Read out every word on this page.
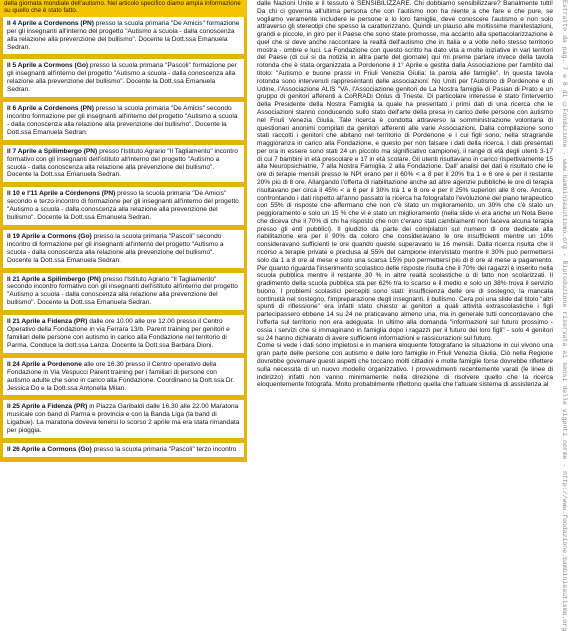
della giornata mondiale dell'autismo. Nel articolo specifico diamo ampia informazione su quello che è stato fatto.
Il 4 Aprile a Cordenons (PN) presso la scuola primaria "De Amicis" formazione per gli insegnanti all'interno del progetto "Autismo a scuola - dalla conoscenza alla relazione alla prevenzione del bullismo". Docente la Dott.ssa Emanuela Sedran.
Il 5 Aprile a Cormons (Go) presso la scuola primaria "Pascoli" formazione per gli insegnanti all'interno del progetto "Autismo a scuola - dalla conoscenza alla relazione alla prevenzione del bullismo". Docente la Dott.ssa Emanuela Sedran.
Il 6 Aprile a Cordenons (PN) presso la scuola primaria "De Amicis" secondo incontro formazione per gli insegnanti all'interno del progetto "Autismo a scuola - dalla conoscenza alla relazione alla prevenzione del bullismo". Docente la Dott.ssa Emanuela Sedran.
Il 7 Aprile a Spilimbergo (PN) presso l'Istituto Agrario "Il Tagliamento" incontro formativo con gli insegnanti dell'istituto all'interno del progetto "Autismo a scuola - dalla conoscenza alla relazione alla prevenzione del bullismo". Docente la Dott.ssa Emanuela Sedran.
Il 10 e l'11 Aprile a Cordenons (PN) presso la scuola primaria "De Amicis" secondo e terzo incontro di formazione per gli insegnanti all'interno del progetto "Autismo a scuola - dalla conoscenza alla relazione alla prevenzione del bullismo". Docente la Dott.ssa Emanuela Sedran.
Il 19 Aprile a Cormons (Go) presso la scuola primaria "Pascoli" secondo incontro di formazione per gli insegnanti all'interno del progetto "Autismo a scuola - dalla conoscenza alla relazione alla prevenzione del bullismo". Docente la Dott.ssa Emanuela Sedran.
Il 21 Aprile a Spilimbergo (PN) presso l'Istituto Agrario "Il Tagliamento" secondo incontro formativo con gli insegnanti dell'istituto all'interno del progetto "Autismo a scuola - dalla conoscenza alla relazione alla prevenzione del bullismo". Docente la Dott.ssa Emanuela Sedran.
Il 21 Aprile a Fidenza (PR) dalle ore 10.00 alle ore 12.00 presso il Centro Operativo della Fondazione in via Ferrara 13/b. Parent training per genitori e familiari delle persone con autismo in carico alla Fondazione nel territorio di Parma. Conduce la dott.ssa Lanza. Docente la Dott.ssa Barbara Dioni.
Il 24 Aprile a Pordenone alle ore 16.30 presso il Centro operativo della Fondazione in Via Vespucci Parent training per i familiari di persone con autismo adulte che sono in carico alla Fondazione. Coordinano la Dott.ssa Dr. Jessica Do e la Dott.ssa Antonella Milan.
Il 25 Aprile a Fidenza (PR) in Piazza Garibaldi dalle 16.30 alle 22.00 Maratona musicale con band di Parma e provincia e con la Banda Liga (la band di Ligabue). La maratona doveva tenersi lo scorso 2 aprile ma era stata rimandata per pioggia.
Il 26 Aprile a Cormons (Go) presso la scuola primaria "Pascoli" terzo incontro

dalle Nazioni Unite e il tessuto è SENSIBILIZZARE. Chi dobbiamo sensibilizzare? Banalmente tutti! Da chi ci governa all'ultima persona che con l'autismo non ha niente a che fare e che pure, se vogliamo veramente includere le persone e lo loro famiglie, deve conoscere l'autismo e non solo attraverso gli stereotipi che spesso la caratterizzano. Quindi un plauso alle moltissime manifestazioni, grandi e piccole, in giro per il Paese che sono state promosse, ma accanto alla spettacolarizzazione è quel che si deve anche raccontare la realtà dell'autismo che in Italia e a volte nello stesso territorio mostra - ombre e luci. La Fondazione con questo scritto ha dato vita a molte iniziative in vari territori del Paese (di cui si da notizia in altra parte del giornale) qui mi preme parlare invece della tavola rotonda che è stata organizzata a Pordenone il 1° Aprile e gestita dalla Associazione per l'ambito dal titolo: "Autismo e buone prassi in Friuli Venezia Giulia: la parola alle famiglie". In questa tavola rotonda sono intervenuti rappresentanti delle associazioni: No Uniti per l'Autismo di Pordenone e di Udine, l'Associazione ALIS "VA, l'Associazione genitori de La Nostra famiglia di Pasian di Prato e un gruppo di genitori afferenti a CoRRADi Onlus di Trieste. Di particolare interesse è stato l'intervento della Presidente della Nostra Famiglia la quale ha presentato i primi dati di una ricerca che le Associazioni stanno conducendo sullo stato dell'arte della presa in carico delle persone con autismo nel Friuli Venezia Giulia. Tale ricerca è condotta attraverso la somministrazione volontaria di questionari anonimi compilati da genitori afferenti alle varie Associazioni. Dalla compilazione sono stati raccolti i genitori che abitano nel territorio di Pordenone e i cui figli sono, nella stragrande maggioranza in carico alla Fondazione, e questo per non falsare i dati della ricerca. I dati presentati per ora in essere sono stati 24 un piccolo ma significativo campione), il range di età degli utenti 3-17 di cui 7 bambini in età prescolare e 17 in età scolare. Gli utenti risultavano in carico rispettivamente 15 alla Neuropsichiatrie, 7 alla Nostra Famiglia, 2 alla Fondazione. Dall' analisi dei dati è risultato che le ore di terapie mensili presso le NPI erano per il 60% < a 8 per il 20% fra 1 e 6 ore e per il restante 20% più di 8 ore. Allargando l'offerta di riabilitazione anche ad altre agenzie pubbliche le ore di terapia risultavano per circa il 45% < a 6 per il 30% tra 1 e 8 ore e per il 25% superiori alle 8 ore. Ancora, confrontando i dati rispetto all'anno passato la ricerca ha fotografato l'evoluzione del piano terapeutico con 55% di risposte che affermano che non c'è stato un miglioramento, un 30% che c'è stato un peggioramento e solo un 15 % che vi è stato un miglioramento (nella slide vi era anche un Nota Bene che diceva che il 70% di chi ha risposto che non c'erano stati cambiamenti non faceva alcuna terapia presso gli enti pubblici). Il giudizio da parte dei compilatori sul numero di ore dedicate alla riabilitazione era per il 90% da coloro che consideravano le ore insufficienti mentre un 10% consideravano sufficienti le ore quando queste superavano le 16 mensili. Dalla ricerca risulta che il ricorso a terapie private e preclusa al 55% del campione intervistato mentre il 30% può permettersi solo da 1 a 8 ore al mese e solo una scarsa 15% può permettersi più di 8 ore al mese a pagamento. Per quanto riguarda l'inserimento scolastico delle risposte risulta che il 70% dei ragazzi è inserito nella scuola pubblica mentre il restante 30 % in altre realtà scolastiche o di fatto non scolarizzati. Il gradimento della scuola pubblica sta per 62% tra lo scarso e il medio e solo un 38% trova il servizio buono. I problemi scolastici percepiti sono stati: insufficienza delle ore di sostegno, la mancata continuità nel sostegno, l'impreparazione degli insegnanti, il bullismo. Cera poi una slide dal titolo "altri spunti di riflessione" era infatti stato chiesto ai genitori a quali attività extrascolastiche i figli partecipassero ebbene 14 su 24 ne praticavano almeno una, ma in generale tutti concordavano che l'offerta sul territorio non era adeguata. In ultimo alla domanda "informazioni sul futuro prossimo - ossia i servizi che si immaginano in famiglia dopo i ragazzi per il futuro dei loro figli" - solo 4 genitori su 24 hanno dichiarato di avere sufficienti informazioni e rassicurazioni sul futuro.

Come si vede i dati sono impietosi e in maniera eloquente fotografano la situazione in cui vivono una gran parte delle persone con autismo e delle loro famiglie in Friuli Venezia Giulia. Ciò nella Regione dovrebbe governare questi aspetti che toccano molti cittadini e molte famiglie forse dovrebbe riflettere sulla necessità di un nuovo modello organizzativo. I provvedimenti recentemente varati (le linee di indirizzo) infatti non vanno minimamente nella direzione di risolvere quello che la ricerca eloquentemente fotografa. Molto probabilmente riflettono quella che l'attuale sistema di assistenza al	Estratto da pag. 7 e 8 di ©Fondazione - www.bambinieautismo.org - Riproduzione riservata ai sensi delle vigenti norme - http://www.fondazione.bambinieautismo.org
